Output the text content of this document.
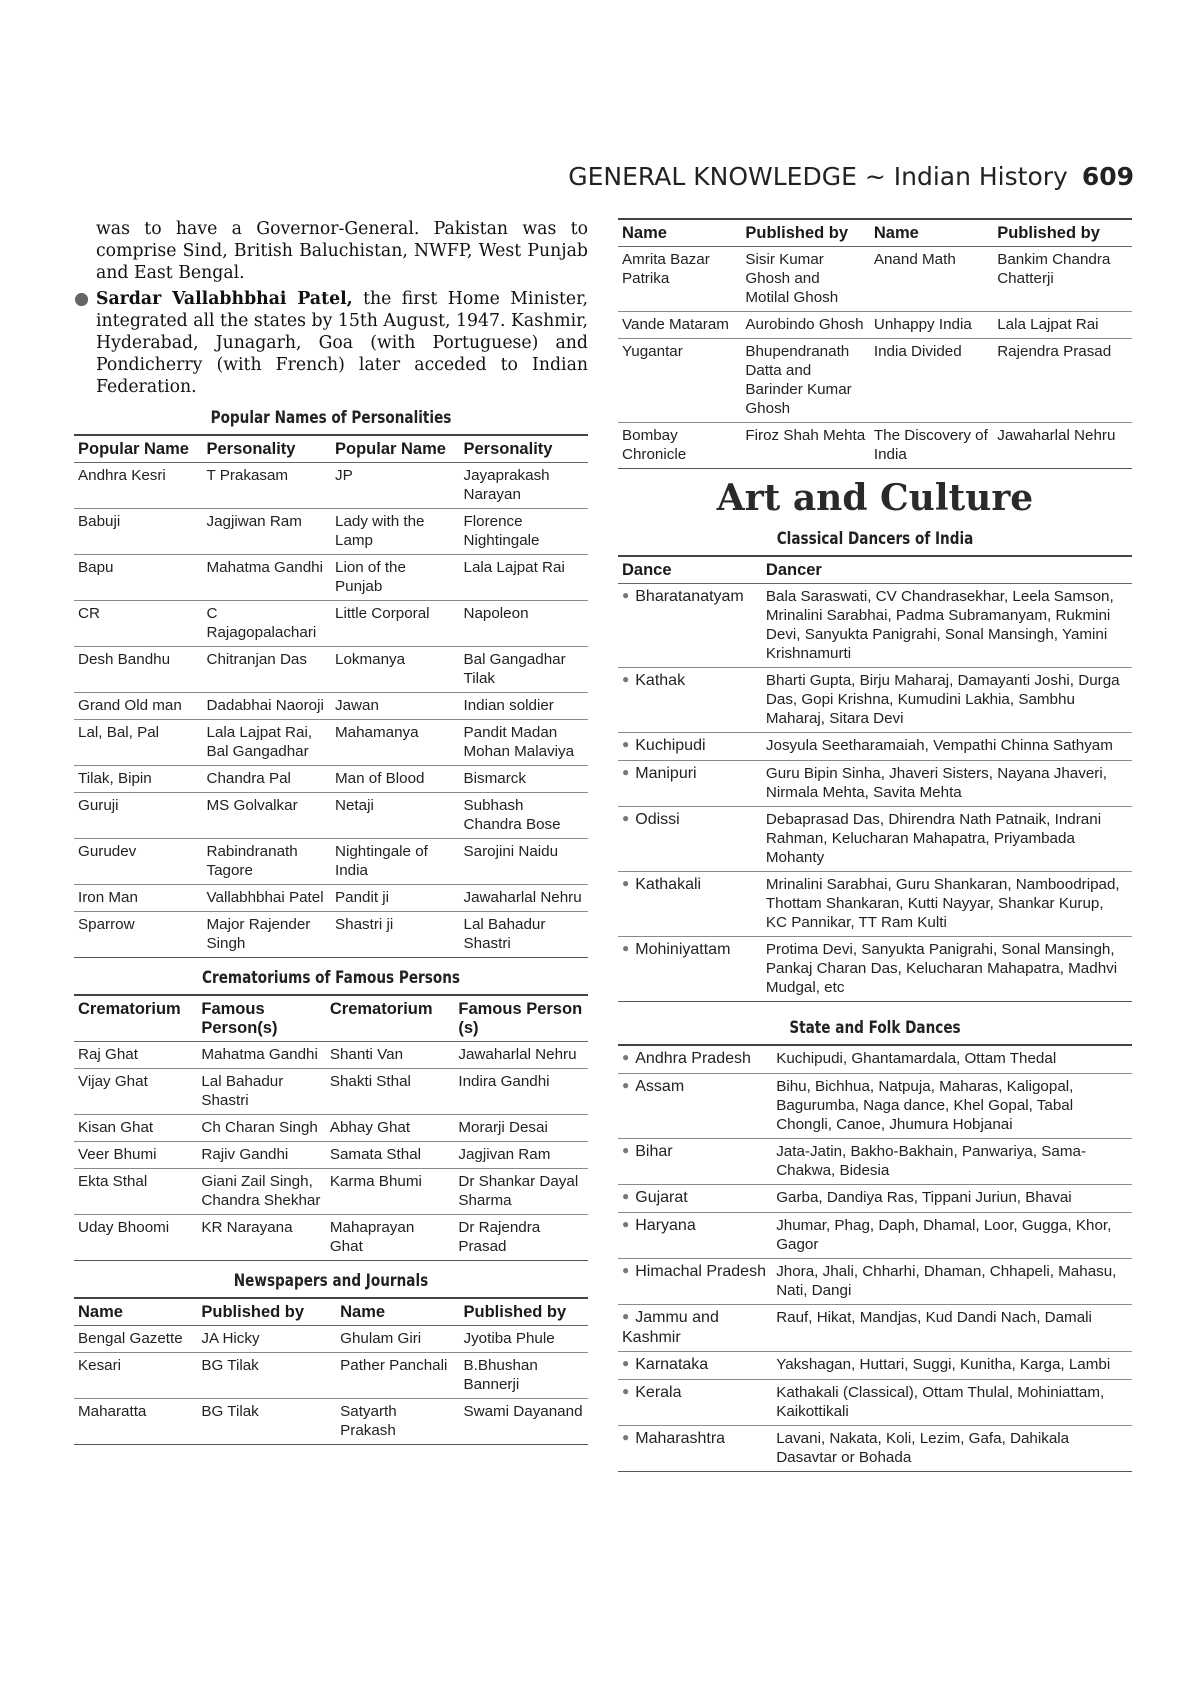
GENERAL KNOWLEDGE ~ Indian History 609

was to have a Governor-General. Pakistan was to comprise Sind, British Baluchistan, NWFP, West Punjab and East Bengal.

● Sardar Vallabhbhai Patel, the first Home Minister, integrated all the states by 15th August, 1947. Kashmir, Hyderabad, Junagarh, Goa (with Portuguese) and Pondicherry (with French) later acceded to Indian Federation.

Popular Names of Personalities
Popular Name	Personality	Popular Name	Personality
Andhra Kesri	T Prakasam	JP	Jayaprakash Narayan
Babuji	Jagjiwan Ram	Lady with the Lamp	Florence Nightingale
Bapu	Mahatma Gandhi	Lion of the Punjab	Lala Lajpat Rai
CR	C Rajagopalachari	Little Corporal	Napoleon
Desh Bandhu	Chitranjan Das	Lokmanya	Bal Gangadhar Tilak
Grand Old man	Dadabhai Naoroji	Jawan	Indian soldier
Lal, Bal, Pal	Lala Lajpat Rai, Bal Gangadhar	Mahamanya	Pandit Madan Mohan Malaviya
Tilak, Bipin	Chandra Pal	Man of Blood	Bismarck
Guruji	MS Golvalkar	Netaji	Subhash Chandra Bose
Gurudev	Rabindranath Tagore	Nightingale of India	Sarojini Naidu
Iron Man	Vallabhbhai Patel	Pandit ji	Jawaharlal Nehru
Sparrow	Major Rajender Singh	Shastri ji	Lal Bahadur Shastri
Crematoriums of Famous Persons
Crematorium	Famous Person(s)	Crematorium	Famous Person (s)
Raj Ghat	Mahatma Gandhi	Shanti Van	Jawaharlal Nehru
Vijay Ghat	Lal Bahadur Shastri	Shakti Sthal	Indira Gandhi
Kisan Ghat	Ch Charan Singh	Abhay Ghat	Morarji Desai
Veer Bhumi	Rajiv Gandhi	Samata Sthal	Jagjivan Ram
Ekta Sthal	Giani Zail Singh, Chandra Shekhar	Karma Bhumi	Dr Shankar Dayal Sharma
Uday Bhoomi	KR Narayana	Mahaprayan Ghat	Dr Rajendra Prasad
Newspapers and Journals
Name	Published by	Name	Published by
Bengal Gazette	JA Hicky	Ghulam Giri	Jyotiba Phule
Kesari	BG Tilak	Pather Panchali	B.Bhushan Bannerji
Maharatta	BG Tilak	Satyarth Prakash	Swami Dayanand
Name	Published by	Name	Published by
Amrita Bazar Patrika	Sisir Kumar Ghosh and Motilal Ghosh	Anand Math	Bankim Chandra Chatterji
Vande Mataram	Aurobindo Ghosh	Unhappy India	Lala Lajpat Rai
Yugantar	Bhupendranath Datta and Barinder Kumar Ghosh	India Divided	Rajendra Prasad
Bombay Chronicle	Firoz Shah Mehta	The Discovery of India	Jawaharlal Nehru
Art and Culture
Classical Dancers of India
Dance	Dancer
● Bharatanatyam	Bala Saraswati, CV Chandrasekhar, Leela Samson, Mrinalini Sarabhai, Padma Subramanyam, Rukmini Devi, Sanyukta Panigrahi, Sonal Mansingh, Yamini Krishnamurti
● Kathak	Bharti Gupta, Birju Maharaj, Damayanti Joshi, Durga Das, Gopi Krishna, Kumudini Lakhia, Sambhu Maharaj, Sitara Devi
● Kuchipudi	Josyula Seetharamaiah, Vempathi Chinna Sathyam
● Manipuri	Guru Bipin Sinha, Jhaveri Sisters, Nayana Jhaveri, Nirmala Mehta, Savita Mehta
● Odissi	Debaprasad Das, Dhirendra Nath Patnaik, Indrani Rahman, Kelucharan Mahapatra, Priyambada Mohanty
● Kathakali	Mrinalini Sarabhai, Guru Shankaran, Namboodripad, Thottam Shankaran, Kutti Nayyar, Shankar Kurup, KC Pannikar, TT Ram Kulti
● Mohiniyattam	Protima Devi, Sanyukta Panigrahi, Sonal Mansingh, Pankaj Charan Das, Kelucharan Mahapatra, Madhvi Mudgal, etc
State and Folk Dances
● Andhra Pradesh	Kuchipudi, Ghantamardala, Ottam Thedal
● Assam	Bihu, Bichhua, Natpuja, Maharas, Kaligopal, Bagurumba, Naga dance, Khel Gopal, Tabal Chongli, Canoe, Jhumura Hobjanai
● Bihar	Jata-Jatin, Bakho-Bakhain, Panwariya, Sama-Chakwa, Bidesia
● Gujarat	Garba, Dandiya Ras, Tippani Juriun, Bhavai
● Haryana	Jhumar, Phag, Daph, Dhamal, Loor, Gugga, Khor, Gagor
● Himachal Pradesh	Jhora, Jhali, Chharhi, Dhaman, Chhapeli, Mahasu, Nati, Dangi
● Jammu and Kashmir	Rauf, Hikat, Mandjas, Kud Dandi Nach, Damali
● Karnataka	Yakshagan, Huttari, Suggi, Kunitha, Karga, Lambi
● Kerala	Kathakali (Classical), Ottam Thulal, Mohiniattam, Kaikottikali
● Maharashtra	Lavani, Nakata, Koli, Lezim, Gafa, Dahikala Dasavtar or Bohada
